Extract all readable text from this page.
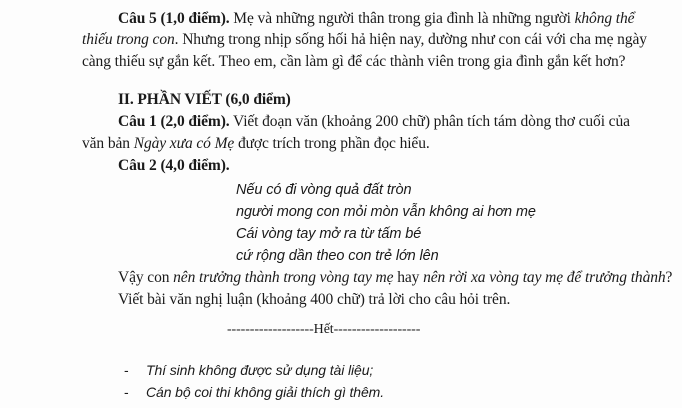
Câu 5 (1,0 điểm). Mẹ và những người thân trong gia đình là những người không thể
thiếu trong con. Nhưng trong nhịp sống hối hả hiện nay, dường như con cái với cha mẹ ngày
càng thiếu sự gắn kết. Theo em, cần làm gì để các thành viên trong gia đình gắn kết hơn?
II. PHẦN VIẾT (6,0 điểm)
Câu 1 (2,0 điểm). Viết đoạn văn (khoảng 200 chữ) phân tích tám dòng thơ cuối của
văn bản Ngày xưa có Mẹ được trích trong phần đọc hiểu.
Câu 2 (4,0 điểm).
Nếu có đi vòng quả đất tròn
người mong con mỏi mòn vẫn không ai hơn mẹ
Cái vòng tay mở ra từ tấm bé
cứ rộng dần theo con trẻ lớn lên
Vậy con nên trưởng thành trong vòng tay mẹ hay nên rời xa vòng tay mẹ để trưởng thành?
Viết bài văn nghị luận (khoảng 400 chữ) trả lời cho câu hỏi trên.
-------------------Hết-------------------
- Thí sinh không được sử dụng tài liệu;
- Cán bộ coi thi không giải thích gì thêm.
